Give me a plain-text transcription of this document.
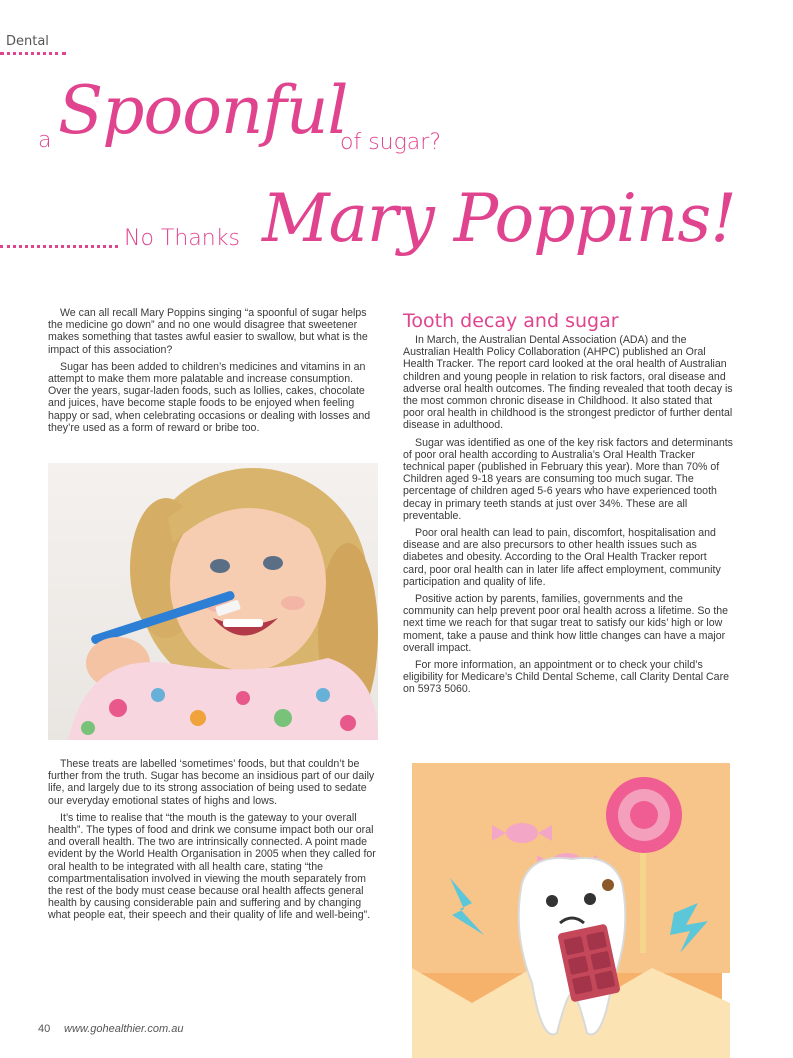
Dental
a Spoonful
of sugar?
No Thanks Mary Poppins!

We can all recall Mary Poppins singing “a spoonful of sugar helps the medicine go down” and no one would disagree that sweetener makes something that tastes awful easier to swallow, but what is the impact of this association?

Sugar has been added to children’s medicines and vitamins in an attempt to make them more palatable and increase consumption. Over the years, sugar-laden foods, such as lollies, cakes, chocolate and juices, have become staple foods to be enjoyed when feeling happy or sad, when celebrating occasions or dealing with losses and they’re used as a form of reward or bribe too.

These treats are labelled ‘sometimes’ foods, but that couldn’t be further from the truth. Sugar has become an insidious part of our daily life, and largely due to its strong association of being used to sedate our everyday emotional states of highs and lows.

It’s time to realise that “the mouth is the gateway to your overall health”. The types of food and drink we consume impact both our oral and overall health. The two are intrinsically connected. A point made evident by the World Health Organisation in 2005 when they called for oral health to be integrated with all health care, stating “the compartmentalisation involved in viewing the mouth separately from the rest of the body must cease because oral health affects general health by causing considerable pain and suffering and by changing what people eat, their speech and their quality of life and well-being”.

Tooth decay and sugar

In March, the Australian Dental Association (ADA) and the Australian Health Policy Collaboration (AHPC) published an Oral Health Tracker. The report card looked at the oral health of Australian children and young people in relation to risk factors, oral disease and adverse oral health outcomes. The finding revealed that tooth decay is the most common chronic disease in Childhood. It also stated that poor oral health in childhood is the strongest predictor of further dental disease in adulthood.

Sugar was identified as one of the key risk factors and determinants of poor oral health according to Australia’s Oral Health Tracker technical paper (published in February this year). More than 70% of Children aged 9-18 years are consuming too much sugar. The percentage of children aged 5-6 years who have experienced tooth decay in primary teeth stands at just over 34%. These are all preventable.

Poor oral health can lead to pain, discomfort, hospitalisation and disease and are also precursors to other health issues such as diabetes and obesity. According to the Oral Health Tracker report card, poor oral health can in later life affect employment, community participation and quality of life.

Positive action by parents, families, governments and the community can help prevent poor oral health across a lifetime. So the next time we reach for that sugar treat to satisfy our kids’ high or low moment, take a pause and think how little changes can have a major overall impact.

For more information, an appointment or to check your child’s eligibility for Medicare’s Child Dental Scheme, call Clarity Dental Care on 5973 5060.

40 www.gohealthier.com.au
